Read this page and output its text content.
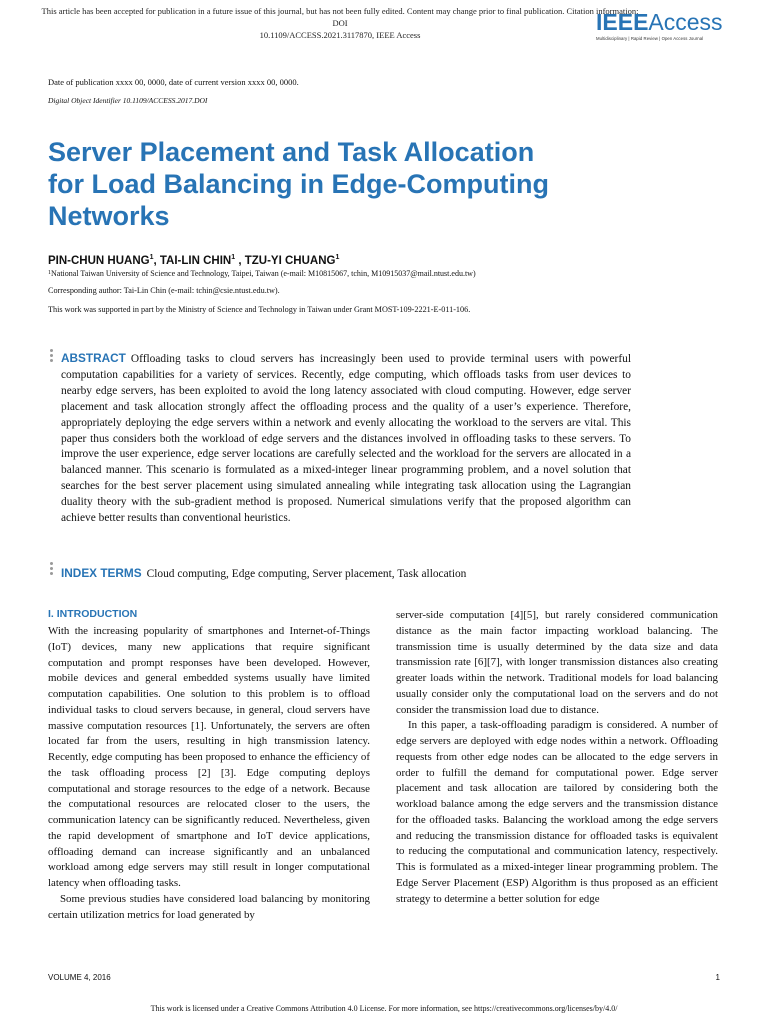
This article has been accepted for publication in a future issue of this journal, but has not been fully edited. Content may change prior to final publication. Citation information: DOI
10.1109/ACCESS.2021.3117870, IEEE Access	IEEEAccess
Multidisciplinary | Rapid Review | Open Access Journal
Date of publication xxxx 00, 0000, date of current version xxxx 00, 0000.
Digital Object Identifier 10.1109/ACCESS.2017.DOI
Server Placement and Task Allocation
for Load Balancing in Edge-Computing
Networks
PIN-CHUN HUANG$^1$, TAI-LIN CHIN$^1$ , TZU-YI CHUANG$^1$
$^1$National Taiwan University of Science and Technology, Taipei, Taiwan (e-mail: M10815067, tchin, M10915037@mail.ntust.edu.tw)
Corresponding author: Tai-Lin Chin (e-mail: tchin@csie.ntust.edu.tw).
This work was supported in part by the Ministry of Science and Technology in Taiwan under Grant MOST-109-2221-E-011-106.

ABSTRACT Offloading tasks to cloud servers has increasingly been used to provide terminal users with powerful computation capabilities for a variety of services. Recently, edge computing, which offloads tasks from user devices to nearby edge servers, has been exploited to avoid the long latency associated with cloud computing. However, edge server placement and task allocation strongly affect the offloading process and the quality of a user’s experience. Therefore, appropriately deploying the edge servers within a network and evenly allocating the workload to the servers are vital. This paper thus considers both the workload of edge servers and the distances involved in offloading tasks to these servers. To improve the user experience, edge server locations are carefully selected and the workload for the servers are allocated in a balanced manner. This scenario is formulated as a mixed-integer linear programming problem, and a novel solution that searches for the best server placement using simulated annealing while integrating task allocation using the Lagrangian duality theory with the sub-gradient method is proposed. Numerical simulations verify that the proposed algorithm can achieve better results than conventional heuristics.

INDEX TERMS Cloud computing, Edge computing, Server placement, Task allocation

I. INTRODUCTION

With the increasing popularity of smartphones and Internet-of-Things (IoT) devices, many new applications that require significant computation and prompt responses have been developed. However, mobile devices and general embedded systems usually have limited computation capabilities. One solution to this problem is to offload individual tasks to cloud servers because, in general, cloud servers have massive computation resources [1]. Unfortunately, the servers are often located far from the users, resulting in high transmission latency. Recently, edge computing has been proposed to enhance the efficiency of the task offloading process [2] [3]. Edge computing deploys computational and storage resources to the edge of a network. Because the computational resources are relocated closer to the users, the communication latency can be significantly reduced. Nevertheless, given the rapid development of smartphone and IoT device applications, offloading demand can increase significantly and an unbalanced workload among edge servers may still result in longer computational latency when offloading tasks.

Some previous studies have considered load balancing by monitoring certain utilization metrics for load generated by

server-side computation [4][5], but rarely considered communication distance as the main factor impacting workload balancing. The transmission time is usually determined by the data size and data transmission rate [6][7], with longer transmission distances also creating greater loads within the network. Traditional models for load balancing usually consider only the computational load on the servers and do not consider the transmission load due to distance.

In this paper, a task-offloading paradigm is considered. A number of edge servers are deployed with edge nodes within a network. Offloading requests from other edge nodes can be allocated to the edge servers in order to fulfill the demand for computational power. Edge server placement and task allocation are tailored by considering both the workload balance among the edge servers and the transmission distance for the offloaded tasks. Balancing the workload among the edge servers and reducing the transmission distance for offloaded tasks is equivalent to reducing the computational and communication latency, respectively. This is formulated as a mixed-integer linear programming problem. The Edge Server Placement (ESP) Algorithm is thus proposed as an efficient strategy to determine a better solution for edge

VOLUME 4, 2016	1
This work is licensed under a Creative Commons Attribution 4.0 License. For more information, see https://creativecommons.org/licenses/by/4.0/
